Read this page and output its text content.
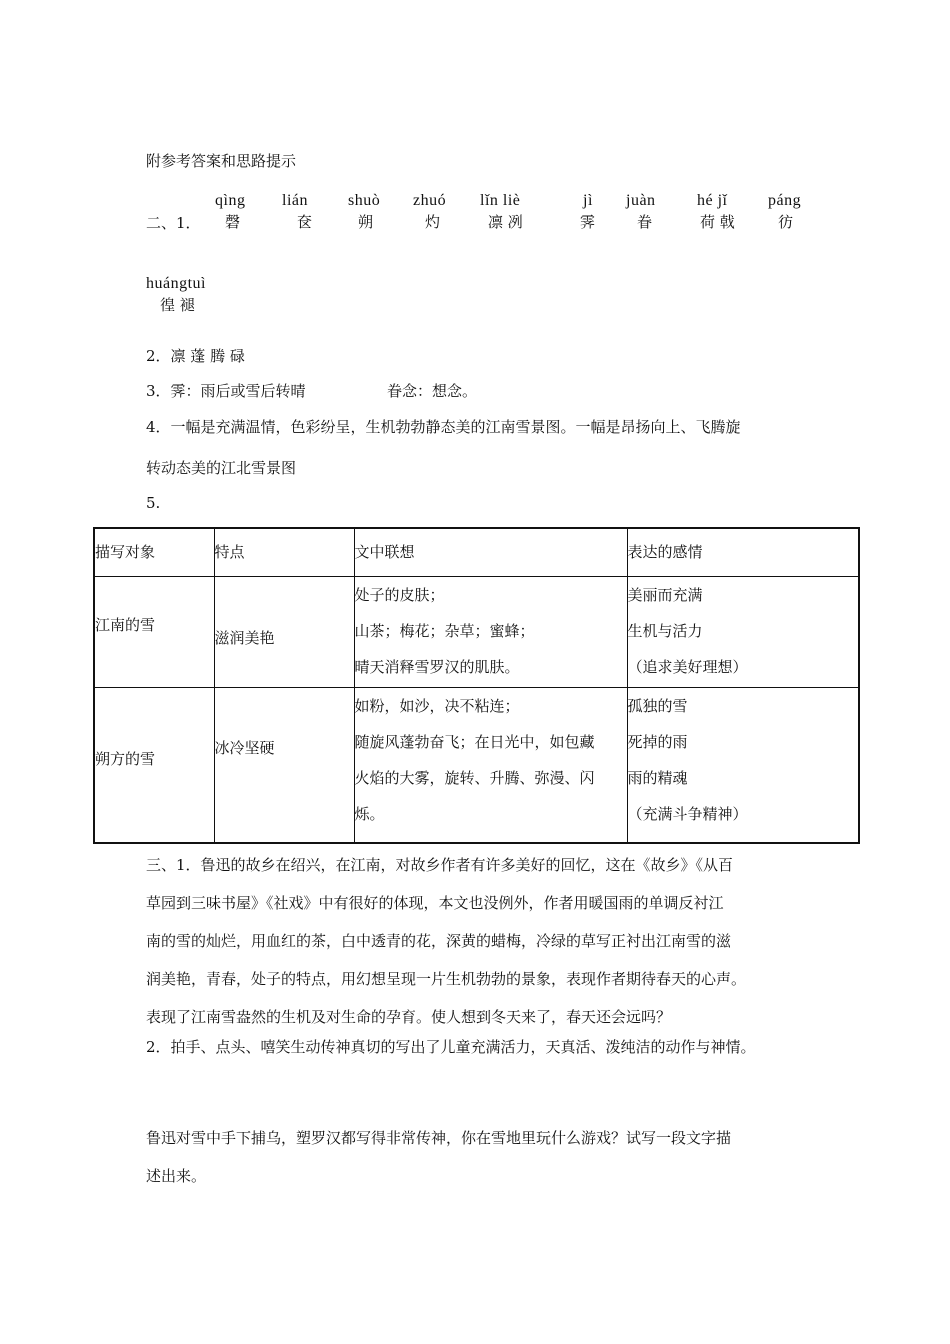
附参考答案和思路提示
二、1．
qìng
磬
lián
奁
shuò
朔
zhuó
灼
lǐn liè
凛 冽
jì
霁
juàn
眷
hé jǐ
荷 戟
páng
彷
huángtuì
徨 褪
2．凛 蓬 腾 碌
3．霁：雨后或雪后转晴	眷念：想念。
4．一幅是充满温情，色彩纷呈，生机勃勃静态美的江南雪景图。一幅是昂扬向上、飞腾旋
转动态美的江北雪景图
5.
描写对象	特点	文中联想	表达的感情
江南的雪	滋润美艳	处子的皮肤；
山茶；梅花；杂草；蜜蜂；
晴天消释雪罗汉的肌肤。	美丽而充满
生机与活力
（追求美好理想）

朔方的雪	冰冷坚硬	如粉，如沙，决不粘连；
随旋风蓬勃奋飞；在日光中，如包藏
火焰的大雾，旋转、升腾、弥漫、闪
烁。	孤独的雪
死掉的雨
雨的精魂
（充满斗争精神）
三、1．鲁迅的故乡在绍兴，在江南，对故乡作者有许多美好的回忆，这在《故乡》《从百
草园到三味书屋》《社戏》中有很好的体现，本文也没例外，作者用暖国雨的单调反衬江
南的雪的灿烂，用血红的茶，白中透青的花，深黄的蜡梅，冷绿的草写正衬出江南雪的滋
润美艳，青春，处子的特点，用幻想呈现一片生机勃勃的景象，表现作者期待春天的心声。
表现了江南雪盎然的生机及对生命的孕育。使人想到冬天来了，春天还会远吗？
2．拍手、点头、嘻笑生动传神真切的写出了儿童充满活力，天真活、泼纯洁的动作与神情。
鲁迅对雪中手下捕乌，塑罗汉都写得非常传神，你在雪地里玩什么游戏？试写一段文字描
述出来。
